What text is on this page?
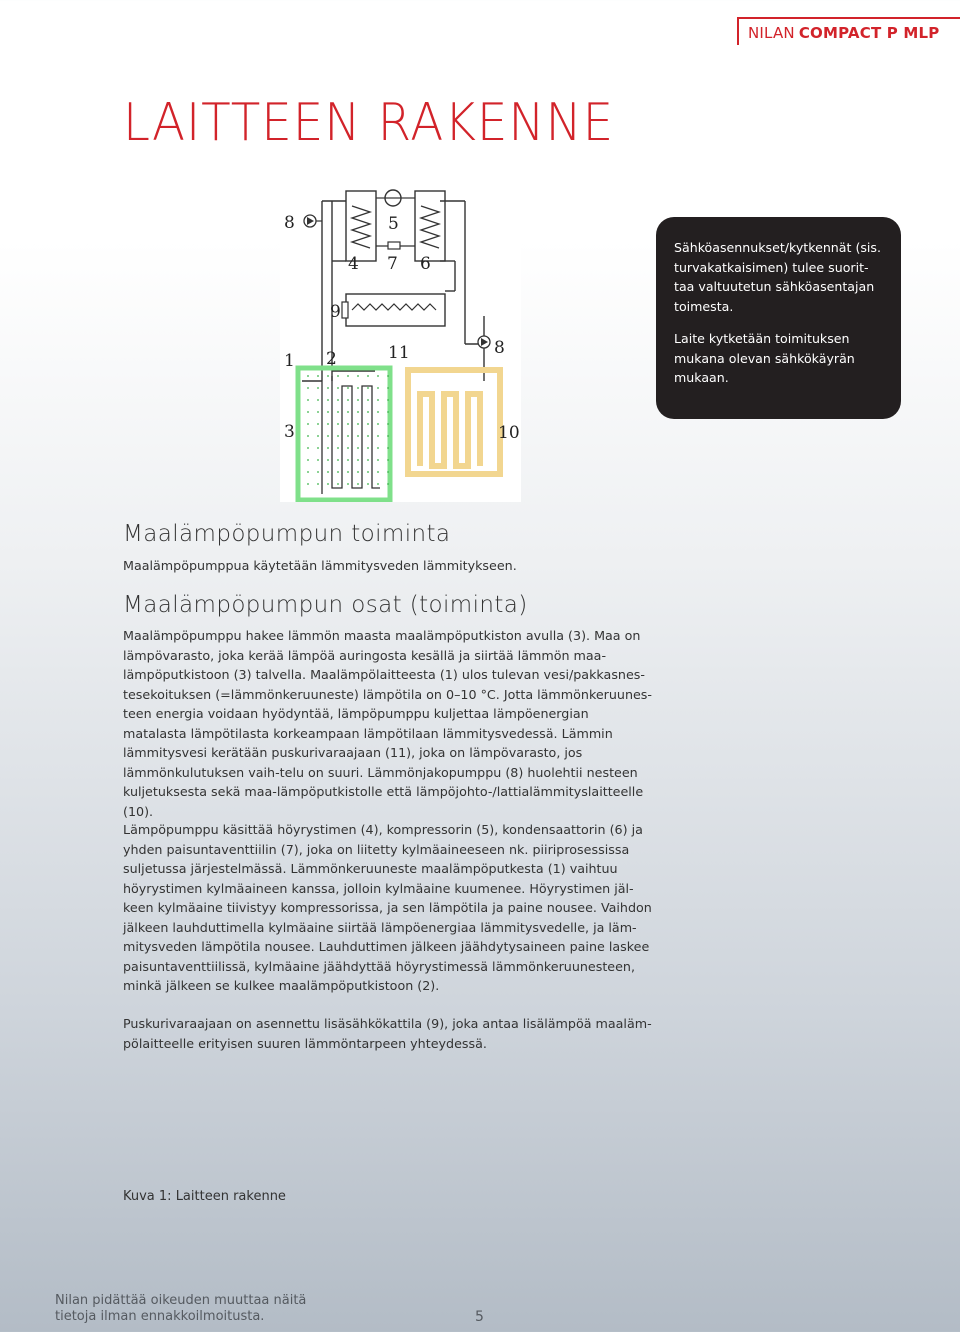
NILAN COMPACT P MLP
LAITTEEN RAKENNE
8	5
4 7 6
9
1 2	11	8
3	10

Sähköasennukset/kytkennät (sis. turvakatkaisimen) tulee suorit-taa valtuutetun sähköasentajan toimesta.

Laite kytketään toimituksen mukana olevan sähkökäyrän mukaan.

Maalämpöpumpun toiminta

Maalämpöpumppua käytetään lämmitysveden lämmitykseen.

Maalämpöpumpun osat (toiminta)

Maalämpöpumppu hakee lämmön maasta maalämpöputkiston avulla (3). Maa on lämpövarasto, joka kerää lämpöä auringosta kesällä ja siirtää lämmön maa-lämpöputkistoon (3) talvella. Maalämpölaitteesta (1) ulos tulevan vesi/pakkasnes-tesekoituksen (=lämmönkeruuneste) lämpötila on 0–10 °C. Jotta lämmönkeruunes-teen energia voidaan hyödyntää, lämpöpumppu kuljettaa lämpöenergian matalasta lämpötilasta korkeampaan lämpötilaan lämmitysvedessä. Lämmin lämmitysvesi kerätään puskurivaraajaan (11), joka on lämpövarasto, jos lämmönkulutuksen vaih-telu on suuri. Lämmönjakopumppu (8) huolehtii nesteen kuljetuksesta sekä maa-lämpöputkistolle että lämpöjohto-/lattialämmityslaitteelle (10).

Lämpöpumppu käsittää höyrystimen (4), kompressorin (5), kondensaattorin (6) ja yhden paisuntaventtiilin (7), joka on liitetty kylmäaineeseen nk. piiriprosessissa suljetussa järjestelmässä. Lämmönkeruuneste maalämpöputkesta (1) vaihtuu höyrystimen kylmäaineen kanssa, jolloin kylmäaine kuumenee. Höyrystimen jäl-keen kylmäaine tiivistyy kompressorissa, ja sen lämpötila ja paine nousee. Vaihdon jälkeen lauhduttimella kylmäaine siirtää lämpöenergiaa lämmitysvedelle, ja läm-mitysveden lämpötila nousee. Lauhduttimen jälkeen jäähdytysaineen paine laskee paisuntaventtiilissä, kylmäaine jäähdyttää höyrystimessä lämmönkeruunesteen, minkä jälkeen se kulkee maalämpöputkistoon (2).

Puskurivaraajaan on asennettu lisäsähkökattila (9), joka antaa lisälämpöä maaläm-pölaitteelle erityisen suuren lämmöntarpeen yhteydessä.

Kuva 1: Laitteen rakenne
Nilan pidättää oikeuden muuttaa näitä tietoja ilman ennakkoilmoitusta.	5
